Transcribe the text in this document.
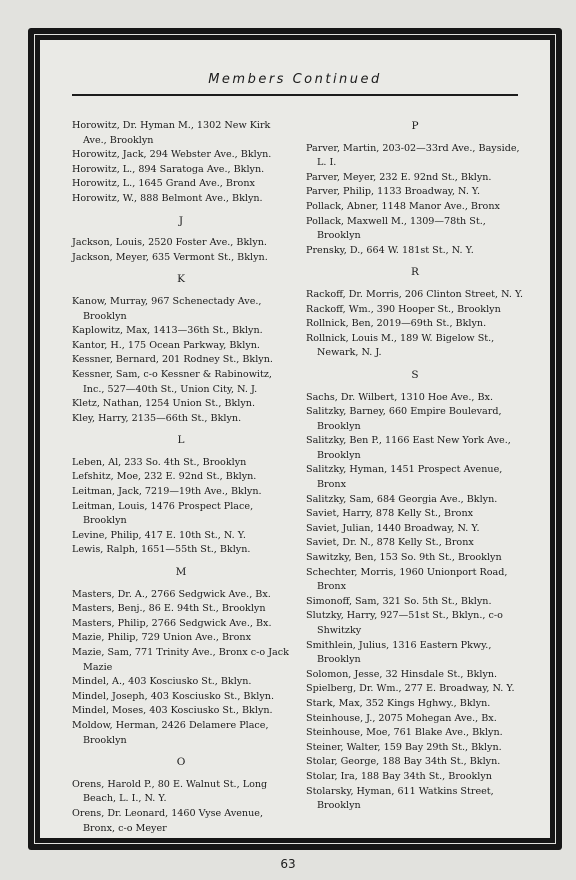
Members Continued
Horowitz, Dr. Hyman M., 1302 New Kirk Ave., Brooklyn
Horowitz, Jack, 294 Webster Ave., Bklyn.
Horowitz, L., 894 Saratoga Ave., Bklyn.
Horowitz, L., 1645 Grand Ave., Bronx
Horowitz, W., 888 Belmont Ave., Bklyn.
J
Jackson, Louis, 2520 Foster Ave., Bklyn.
Jackson, Meyer, 635 Vermont St., Bklyn.
K
Kanow, Murray, 967 Schenectady Ave., Brooklyn
Kaplowitz, Max, 1413—36th St., Bklyn.
Kantor, H., 175 Ocean Parkway, Bklyn.
Kessner, Bernard, 201 Rodney St., Bklyn.
Kessner, Sam, c-o Kessner & Rabinowitz, Inc., 527—40th St., Union City, N. J.
Kletz, Nathan, 1254 Union St., Bklyn.
Kley, Harry, 2135—66th St., Bklyn.
L
Leben, Al, 233 So. 4th St., Brooklyn
Lefshitz, Moe, 232 E. 92nd St., Bklyn.
Leitman, Jack, 7219—19th Ave., Bklyn.
Leitman, Louis, 1476 Prospect Place, Brooklyn
Levine, Philip, 417 E. 10th St., N. Y.
Lewis, Ralph, 1651—55th St., Bklyn.
M
Masters, Dr. A., 2766 Sedgwick Ave., Bx.
Masters, Benj., 86 E. 94th St., Brooklyn
Masters, Philip, 2766 Sedgwick Ave., Bx.
Mazie, Philip, 729 Union Ave., Bronx
Mazie, Sam, 771 Trinity Ave., Bronx c-o Jack Mazie
Mindel, A., 403 Kosciusko St., Bklyn.
Mindel, Joseph, 403 Kosciusko St., Bklyn.
Mindel, Moses, 403 Kosciusko St., Bklyn.
Moldow, Herman, 2426 Delamere Place, Brooklyn
O
Orens, Harold P., 80 E. Walnut St., Long Beach, L. I., N. Y.
Orens, Dr. Leonard, 1460 Vyse Avenue, Bronx, c-o Meyer
P
Parver, Martin, 203-02—33rd Ave., Bayside, L. I.
Parver, Meyer, 232 E. 92nd St., Bklyn.
Parver, Philip, 1133 Broadway, N. Y.
Pollack, Abner, 1148 Manor Ave., Bronx
Pollack, Maxwell M., 1309—78th St., Brooklyn
Prensky, D., 664 W. 181st St., N. Y.
R
Rackoff, Dr. Morris, 206 Clinton Street, N. Y.
Rackoff, Wm., 390 Hooper St., Brooklyn
Rollnick, Ben, 2019—69th St., Bklyn.
Rollnick, Louis M., 189 W. Bigelow St., Newark, N. J.
S
Sachs, Dr. Wilbert, 1310 Hoe Ave., Bx.
Salitzky, Barney, 660 Empire Boulevard, Brooklyn
Salitzky, Ben P., 1166 East New York Ave., Brooklyn
Salitzky, Hyman, 1451 Prospect Avenue, Bronx
Salitzky, Sam, 684 Georgia Ave., Bklyn.
Saviet, Harry, 878 Kelly St., Bronx
Saviet, Julian, 1440 Broadway, N. Y.
Saviet, Dr. N., 878 Kelly St., Bronx
Sawitzky, Ben, 153 So. 9th St., Brooklyn
Schechter, Morris, 1960 Unionport Road, Bronx
Simonoff, Sam, 321 So. 5th St., Bklyn.
Slutzky, Harry, 927—51st St., Bklyn., c-o Shwitzky
Smithlein, Julius, 1316 Eastern Pkwy., Brooklyn
Solomon, Jesse, 32 Hinsdale St., Bklyn.
Spielberg, Dr. Wm., 277 E. Broadway, N. Y.
Stark, Max, 352 Kings Hghwy., Bklyn.
Steinhouse, J., 2075 Mohegan Ave., Bx.
Steinhouse, Moe, 761 Blake Ave., Bklyn.
Steiner, Walter, 159 Bay 29th St., Bklyn.
Stolar, George, 188 Bay 34th St., Bklyn.
Stolar, Ira, 188 Bay 34th St., Brooklyn
Stolarsky, Hyman, 611 Watkins Street, Brooklyn
63
